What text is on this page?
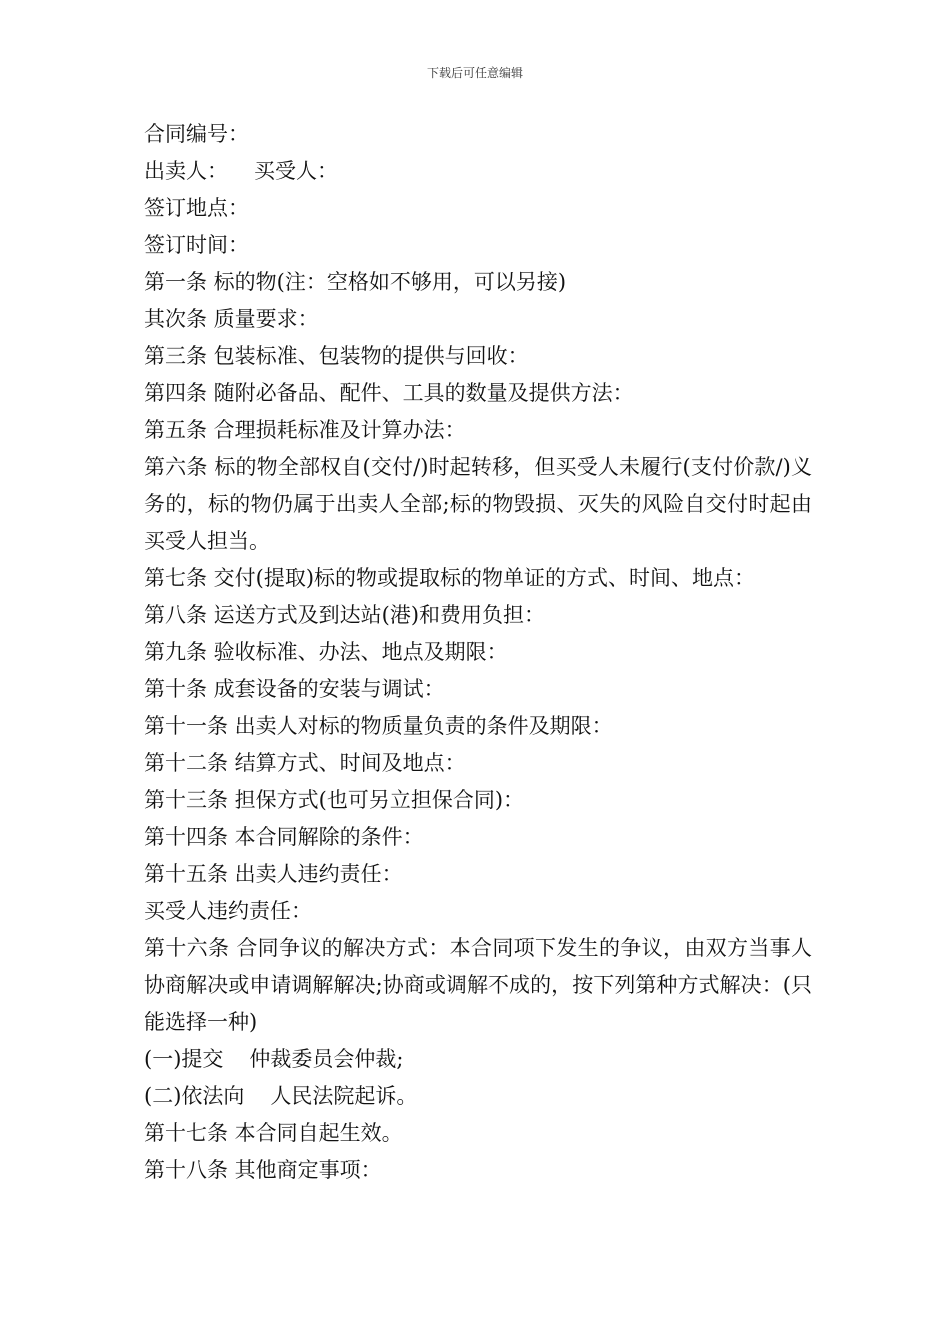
下载后可任意编辑

合同编号：

出卖人： 买受人：

签订地点：

签订时间：

第一条 标的物(注：空格如不够用，可以另接)

其次条 质量要求：

第三条 包装标准、包装物的提供与回收：

第四条 随附必备品、配件、工具的数量及提供方法：

第五条 合理损耗标准及计算办法：

第六条 标的物全部权自(交付/)时起转移，但买受人未履行(支付价款/)义务的，标的物仍属于出卖人全部;标的物毁损、灭失的风险自交付时起由买受人担当。

第七条 交付(提取)标的物或提取标的物单证的方式、时间、地点：

第八条 运送方式及到达站(港)和费用负担：

第九条 验收标准、办法、地点及期限：

第十条 成套设备的安装与调试：

第十一条 出卖人对标的物质量负责的条件及期限：

第十二条 结算方式、时间及地点：

第十三条 担保方式(也可另立担保合同)：

第十四条 本合同解除的条件：

第十五条 出卖人违约责任：

买受人违约责任：

第十六条 合同争议的解决方式：本合同项下发生的争议，由双方当事人协商解决或申请调解解决;协商或调解不成的，按下列第种方式解决：(只能选择一种)

(一)提交 仲裁委员会仲裁;

(二)依法向 人民法院起诉。

第十七条 本合同自起生效。

第十八条 其他商定事项：
